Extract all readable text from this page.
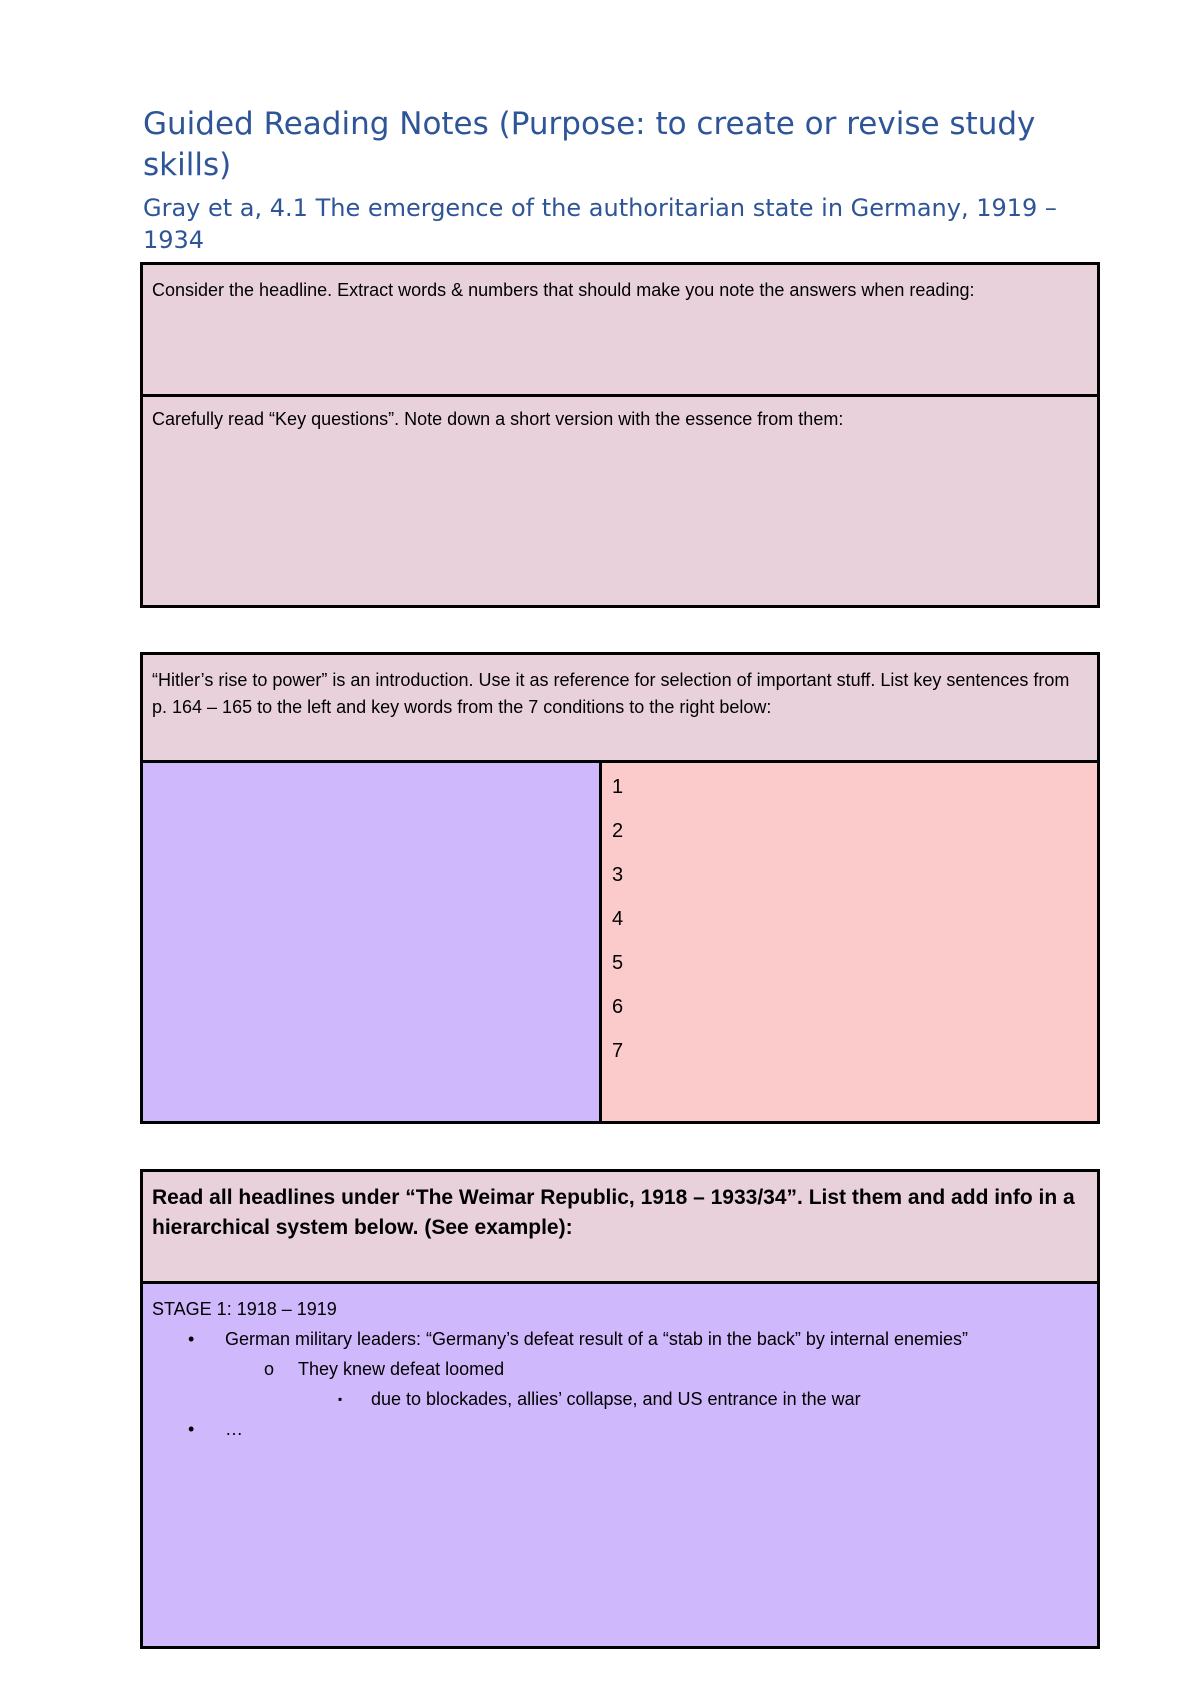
Guided Reading Notes (Purpose: to create or revise study skills)
Gray et a, 4.1 The emergence of the authoritarian state in Germany, 1919 – 1934
Consider the headline. Extract words & numbers that should make you note the answers when reading:
Carefully read “Key questions”. Note down a short version with the essence from them:
“Hitler’s rise to power” is an introduction. Use it as reference for selection of important stuff. List key sentences from p. 164 – 165 to the left and key words from the 7 conditions to the right below:
1
2
3
4
5
6
7
Read all headlines under “The Weimar Republic, 1918 – 1933/34”. List them and add info in a hierarchical system below. (See example):
STAGE 1: 1918 – 1919
• German military leaders: “Germany’s defeat result of a “stab in the back” by internal enemies”
o They knew defeat loomed
▪ due to blockades, allies’ collapse, and US entrance in the war
• …
